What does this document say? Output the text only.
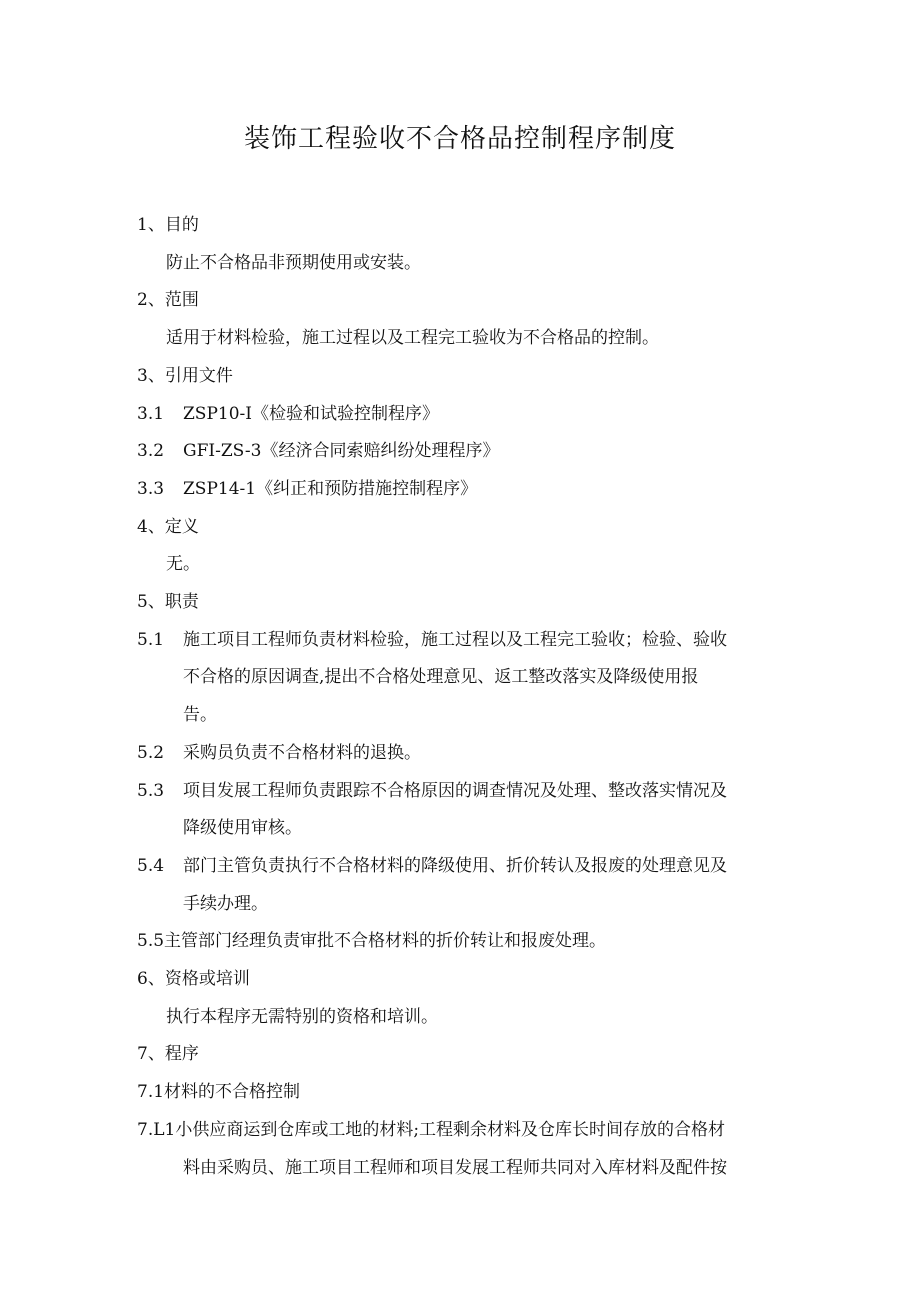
装饰工程验收不合格品控制程序制度

1、目的

防止不合格品非预期使用或安装。

2、范围

适用于材料检验，施工过程以及工程完工验收为不合格品的控制。

3、引用文件

3.1 ZSP10-I《检验和试验控制程序》

3.2 GFI-ZS-3《经济合同索赔纠纷处理程序》

3.3 ZSP14-1《纠正和预防措施控制程序》

4、定义

无。

5、职责

5.1 施工项目工程师负责材料检验，施工过程以及工程完工验收；检验、验收

不合格的原因调查,提出不合格处理意见、返工整改落实及降级使用报

告。

5.2 采购员负责不合格材料的退换。

5.3 项目发展工程师负责跟踪不合格原因的调查情况及处理、整改落实情况及

降级使用审核。

5.4 部门主管负责执行不合格材料的降级使用、折价转认及报废的处理意见及

手续办理。

5.5主管部门经理负责审批不合格材料的折价转让和报废处理。

6、资格或培训

执行本程序无需特别的资格和培训。

7、程序

7.1材料的不合格控制

7.L1小供应商运到仓库或工地的材料;工程剩余材料及仓库长时间存放的合格材

料由采购员、施工项目工程师和项目发展工程师共同对入库材料及配件按
